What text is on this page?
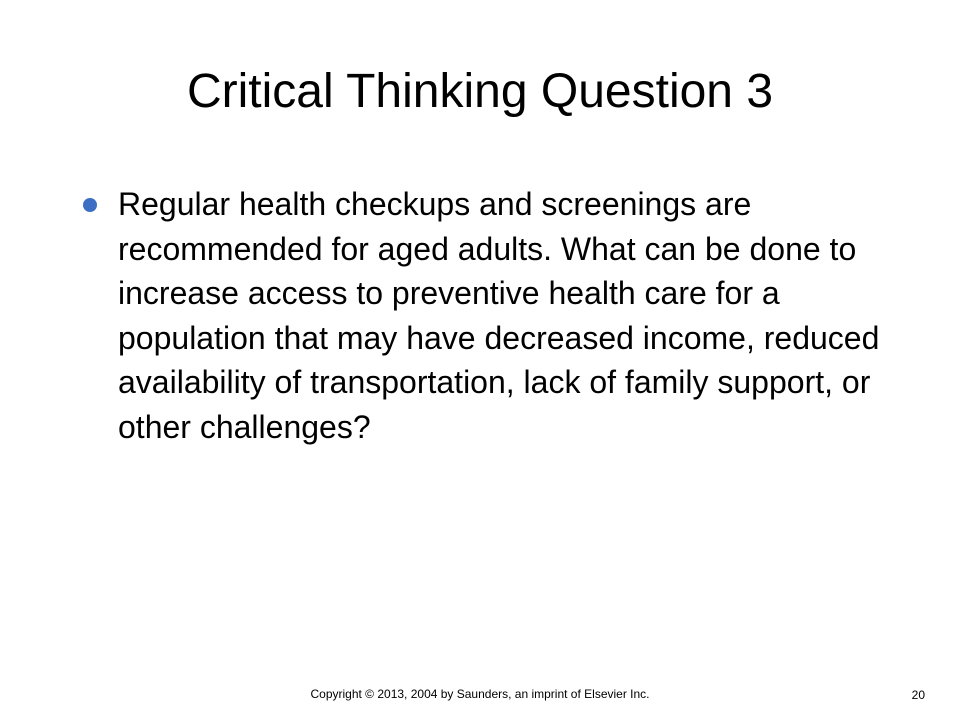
Critical Thinking Question 3
Regular health checkups and screenings are recommended for aged adults. What can be done to increase access to preventive health care for a population that may have decreased income, reduced availability of transportation, lack of family support, or other challenges?
Copyright © 2013, 2004 by Saunders, an imprint of Elsevier Inc.	20
